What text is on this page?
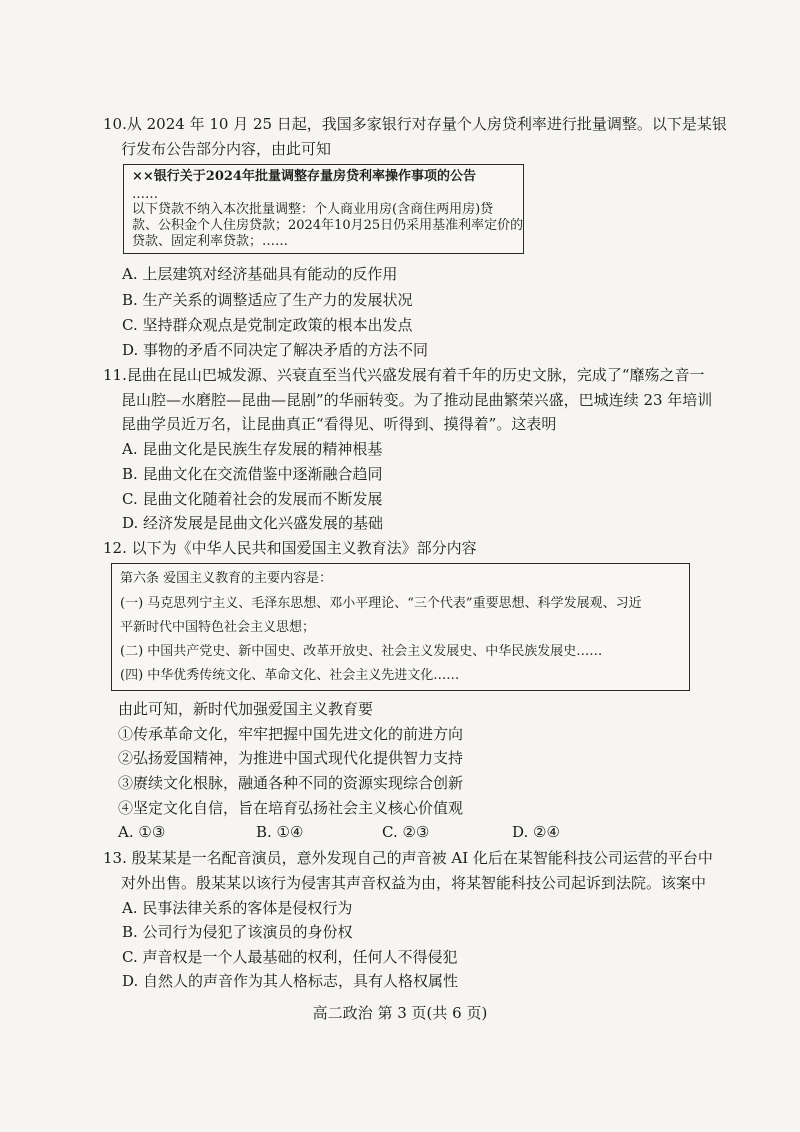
10.从 2024 年 10 月 25 日起，我国多家银行对存量个人房贷利率进行批量调整。以下是某银
行发布公告部分内容，由此可知
××银行关于2024年批量调整存量房贷利率操作事项的公告
……
以下贷款不纳入本次批量调整：个人商业用房(含商住两用房)贷
款、公积金个人住房贷款；2024年10月25日仍采用基准利率定价的
贷款、固定利率贷款；……
A. 上层建筑对经济基础具有能动的反作用
B. 生产关系的调整适应了生产力的发展状况
C. 坚持群众观点是党制定政策的根本出发点
D. 事物的矛盾不同决定了解决矛盾的方法不同
11.昆曲在昆山巴城发源、兴衰直至当代兴盛发展有着千年的历史文脉，完成了“靡殇之音一
昆山腔—水磨腔—昆曲—昆剧”的华丽转变。为了推动昆曲繁荣兴盛，巴城连续 23 年培训
昆曲学员近万名，让昆曲真正“看得见、听得到、摸得着”。这表明
A. 昆曲文化是民族生存发展的精神根基
B. 昆曲文化在交流借鉴中逐渐融合趋同
C. 昆曲文化随着社会的发展而不断发展
D. 经济发展是昆曲文化兴盛发展的基础
12. 以下为《中华人民共和国爱国主义教育法》部分内容
第六条 爱国主义教育的主要内容是：
(一) 马克思列宁主义、毛泽东思想、邓小平理论、“三个代表”重要思想、科学发展观、习近
平新时代中国特色社会主义思想；
(二) 中国共产党史、新中国史、改革开放史、社会主义发展史、中华民族发展史……
(四) 中华优秀传统文化、革命文化、社会主义先进文化……
由此可知，新时代加强爱国主义教育要
①传承革命文化，牢牢把握中国先进文化的前进方向
②弘扬爱国精神，为推进中国式现代化提供智力支持
③赓续文化根脉，融通各种不同的资源实现综合创新
④坚定文化自信，旨在培育弘扬社会主义核心价值观
A. ①③	B. ①④	C. ②③	D. ②④
13. 殷某某是一名配音演员，意外发现自己的声音被 AI 化后在某智能科技公司运营的平台中
对外出售。殷某某以该行为侵害其声音权益为由，将某智能科技公司起诉到法院。该案中
A. 民事法律关系的客体是侵权行为
B. 公司行为侵犯了该演员的身份权
C. 声音权是一个人最基础的权利，任何人不得侵犯
D. 自然人的声音作为其人格标志，具有人格权属性
高二政治 第 3 页(共 6 页)
